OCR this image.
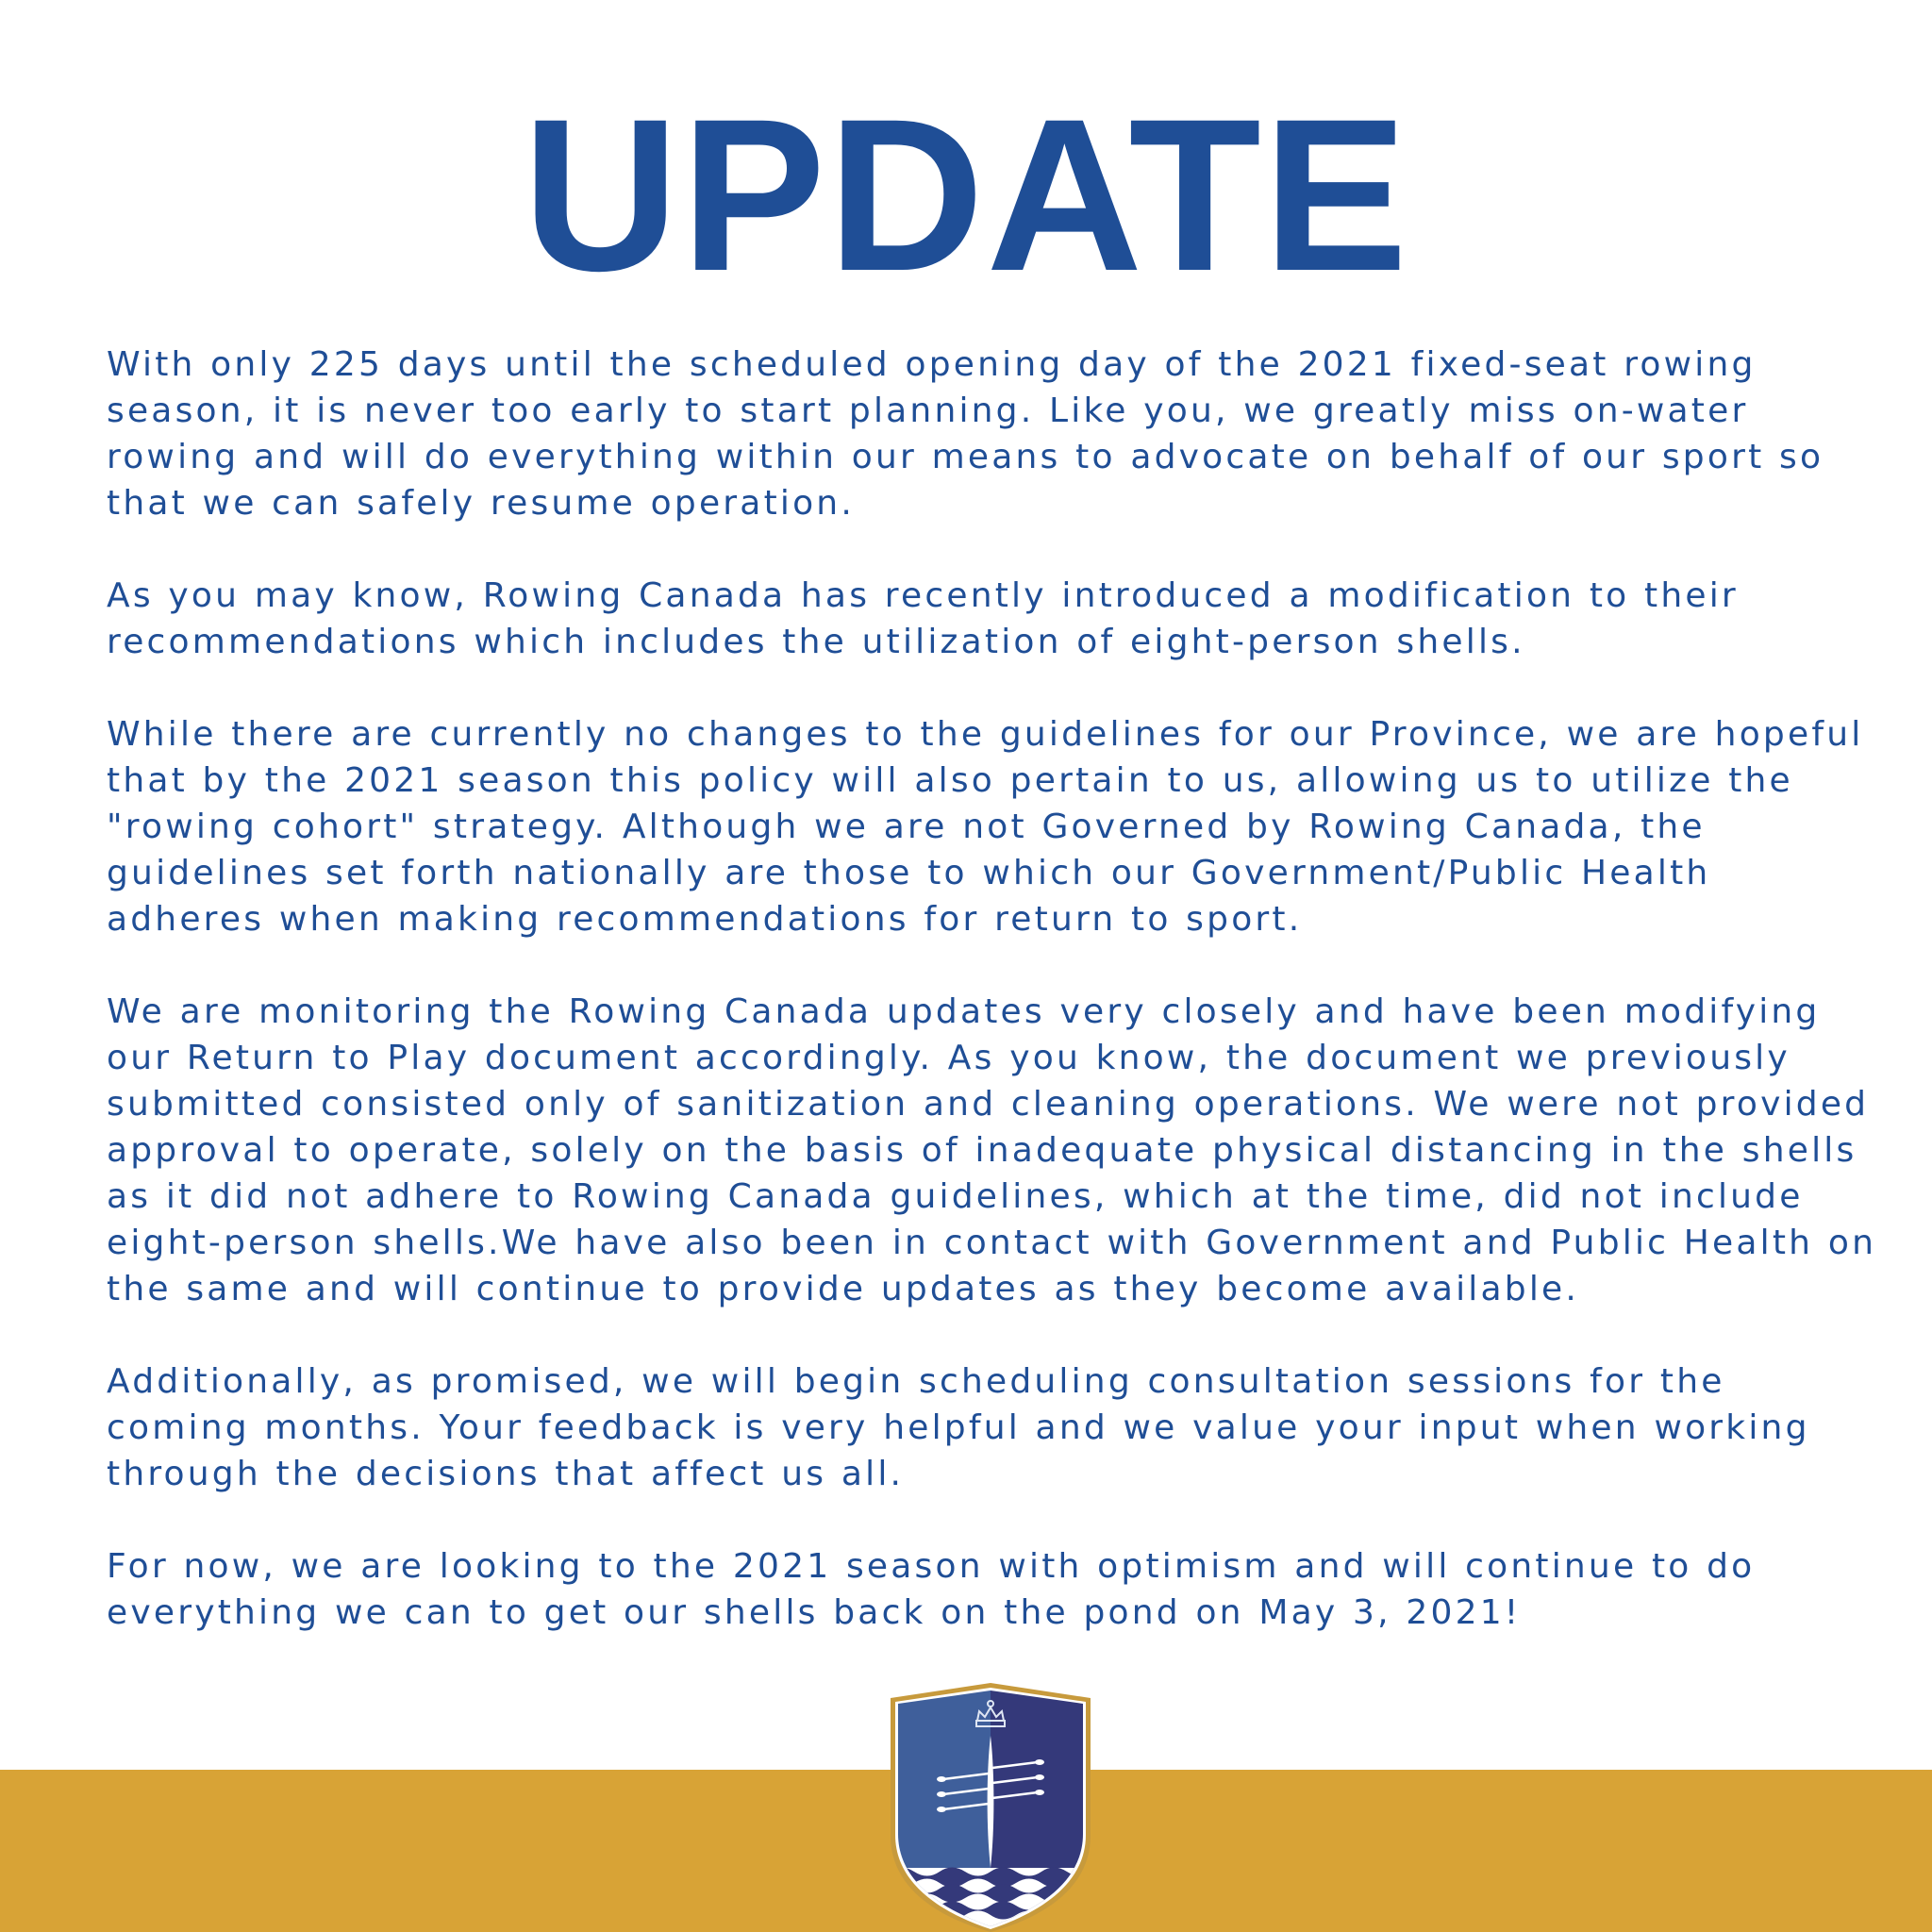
UPDATE

With only 225 days until the scheduled opening day of the 2021 fixed-seat rowing season, it is never too early to start planning. Like you, we greatly miss on-water rowing and will do everything within our means to advocate on behalf of our sport so that we can safely resume operation.

As you may know, Rowing Canada has recently introduced a modification to their recommendations which includes the utilization of eight-person shells.

While there are currently no changes to the guidelines for our Province, we are hopeful that by the 2021 season this policy will also pertain to us, allowing us to utilize the "rowing cohort" strategy. Although we are not Governed by Rowing Canada, the guidelines set forth nationally are those to which our Government/Public Health adheres when making recommendations for return to sport.

We are monitoring the Rowing Canada updates very closely and have been modifying our Return to Play document accordingly. As you know, the document we previously submitted consisted only of sanitization and cleaning operations. We were not provided approval to operate, solely on the basis of inadequate physical distancing in the shells as it did not adhere to Rowing Canada guidelines, which at the time, did not include eight-person shells.We have also been in contact with Government and Public Health on the same and will continue to provide updates as they become available.

Additionally, as promised, we will begin scheduling consultation sessions for the coming months. Your feedback is very helpful and we value your input when working through the decisions that affect us all.

For now, we are looking to the 2021 season with optimism and will continue to do everything we can to get our shells back on the pond on May 3, 2021!
